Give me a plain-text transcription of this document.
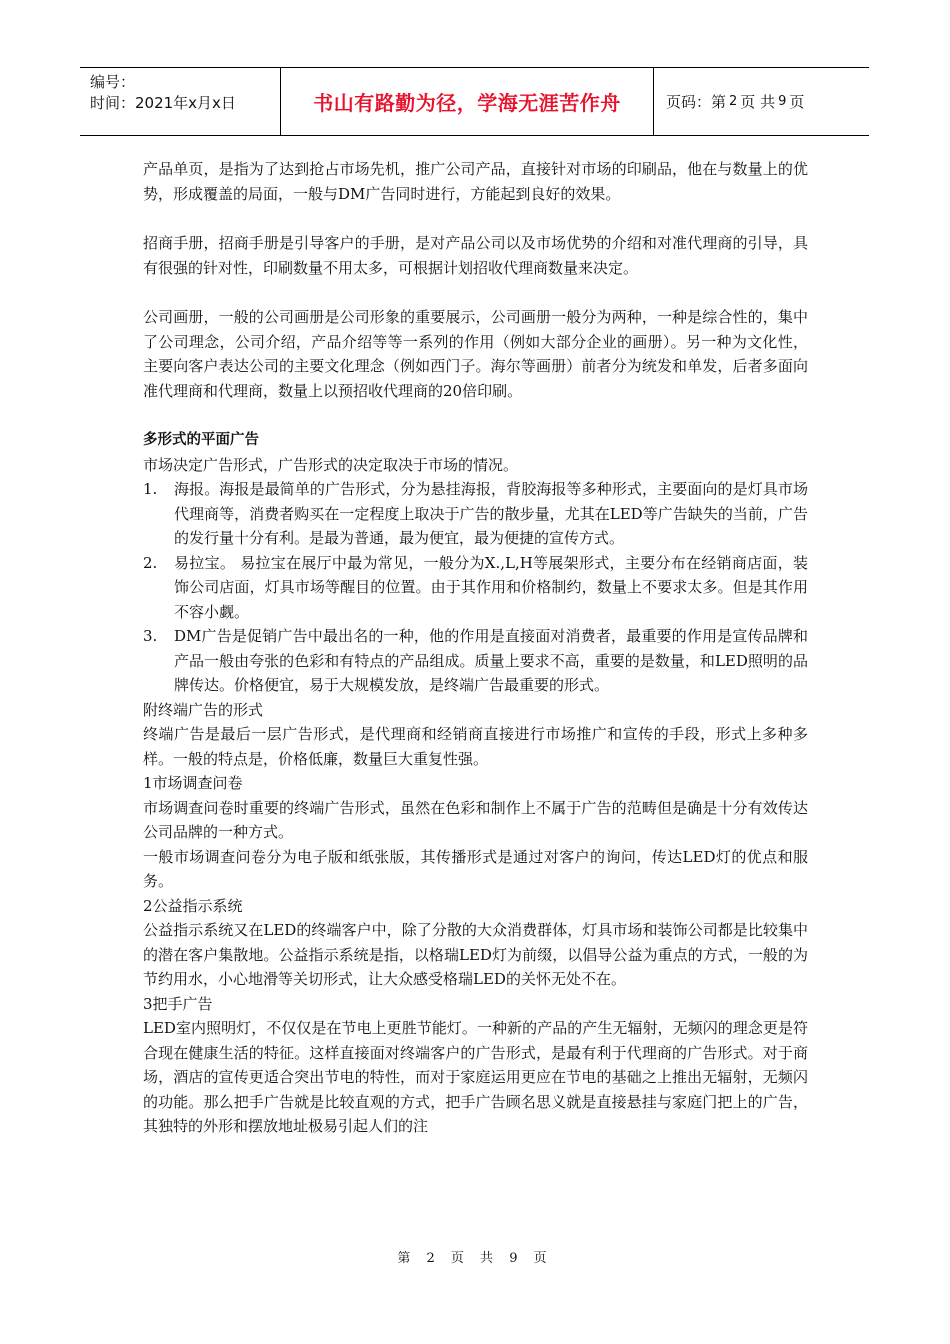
编号：
时间：2021年x月x日	书山有路勤为径，学海无涯苦作舟	页码：第 2 页 共 9 页

产品单页，是指为了达到抢占市场先机，推广公司产品，直接针对市场的印刷品，他在与数量上的优势，形成覆盖的局面，一般与DM广告同时进行，方能起到良好的效果。

招商手册，招商手册是引导客户的手册，是对产品公司以及市场优势的介绍和对准代理商的引导，具有很强的针对性，印刷数量不用太多，可根据计划招收代理商数量来决定。

公司画册，一般的公司画册是公司形象的重要展示，公司画册一般分为两种，一种是综合性的，集中了公司理念，公司介绍，产品介绍等等一系列的作用（例如大部分企业的画册）。另一种为文化性，主要向客户表达公司的主要文化理念（例如西门子。海尔等画册）前者分为统发和单发，后者多面向准代理商和代理商，数量上以预招收代理商的20倍印刷。

多形式的平面广告

市场决定广告形式，广告形式的决定取决于市场的情况。

1. 海报。海报是最简单的广告形式，分为悬挂海报，背胶海报等多种形式，主要面向的是灯具市场代理商等，消费者购买在一定程度上取决于广告的散步量，尤其在LED等广告缺失的当前，广告的发行量十分有利。是最为普通，最为便宜，最为便捷的宣传方式。
2. 易拉宝。 易拉宝在展厅中最为常见，一般分为X.,L,H等展架形式，主要分布在经销商店面，装饰公司店面，灯具市场等醒目的位置。由于其作用和价格制约，数量上不要求太多。但是其作用不容小觑。
3. DM广告是促销广告中最出名的一种，他的作用是直接面对消费者，最重要的作用是宣传品牌和产品一般由夸张的色彩和有特点的产品组成。质量上要求不高，重要的是数量，和LED照明的品牌传达。价格便宜，易于大规模发放，是终端广告最重要的形式。

附终端广告的形式

终端广告是最后一层广告形式，是代理商和经销商直接进行市场推广和宣传的手段，形式上多种多样。一般的特点是，价格低廉，数量巨大重复性强。

1市场调查问卷

市场调查问卷时重要的终端广告形式，虽然在色彩和制作上不属于广告的范畴但是确是十分有效传达公司品牌的一种方式。

一般市场调查问卷分为电子版和纸张版，其传播形式是通过对客户的询问，传达LED灯的优点和服务。

2公益指示系统

公益指示系统又在LED的终端客户中，除了分散的大众消费群体，灯具市场和装饰公司都是比较集中的潜在客户集散地。公益指示系统是指，以格瑞LED灯为前缀，以倡导公益为重点的方式，一般的为 节约用水，小心地滑等关切形式，让大众感受格瑞LED的关怀无处不在。

3把手广告

LED室内照明灯，不仅仅是在节电上更胜节能灯。一种新的产品的产生无辐射，无频闪的理念更是符合现在健康生活的特征。这样直接面对终端客户的广告形式，是最有利于代理商的广告形式。对于商场，酒店的宣传更适合突出节电的特性，而对于家庭运用更应在节电的基础之上推出无辐射，无频闪的功能。那么把手广告就是比较直观的方式，把手广告顾名思义就是直接悬挂与家庭门把上的广告，其独特的外形和摆放地址极易引起人们的注

第 2 页 共 9 页
